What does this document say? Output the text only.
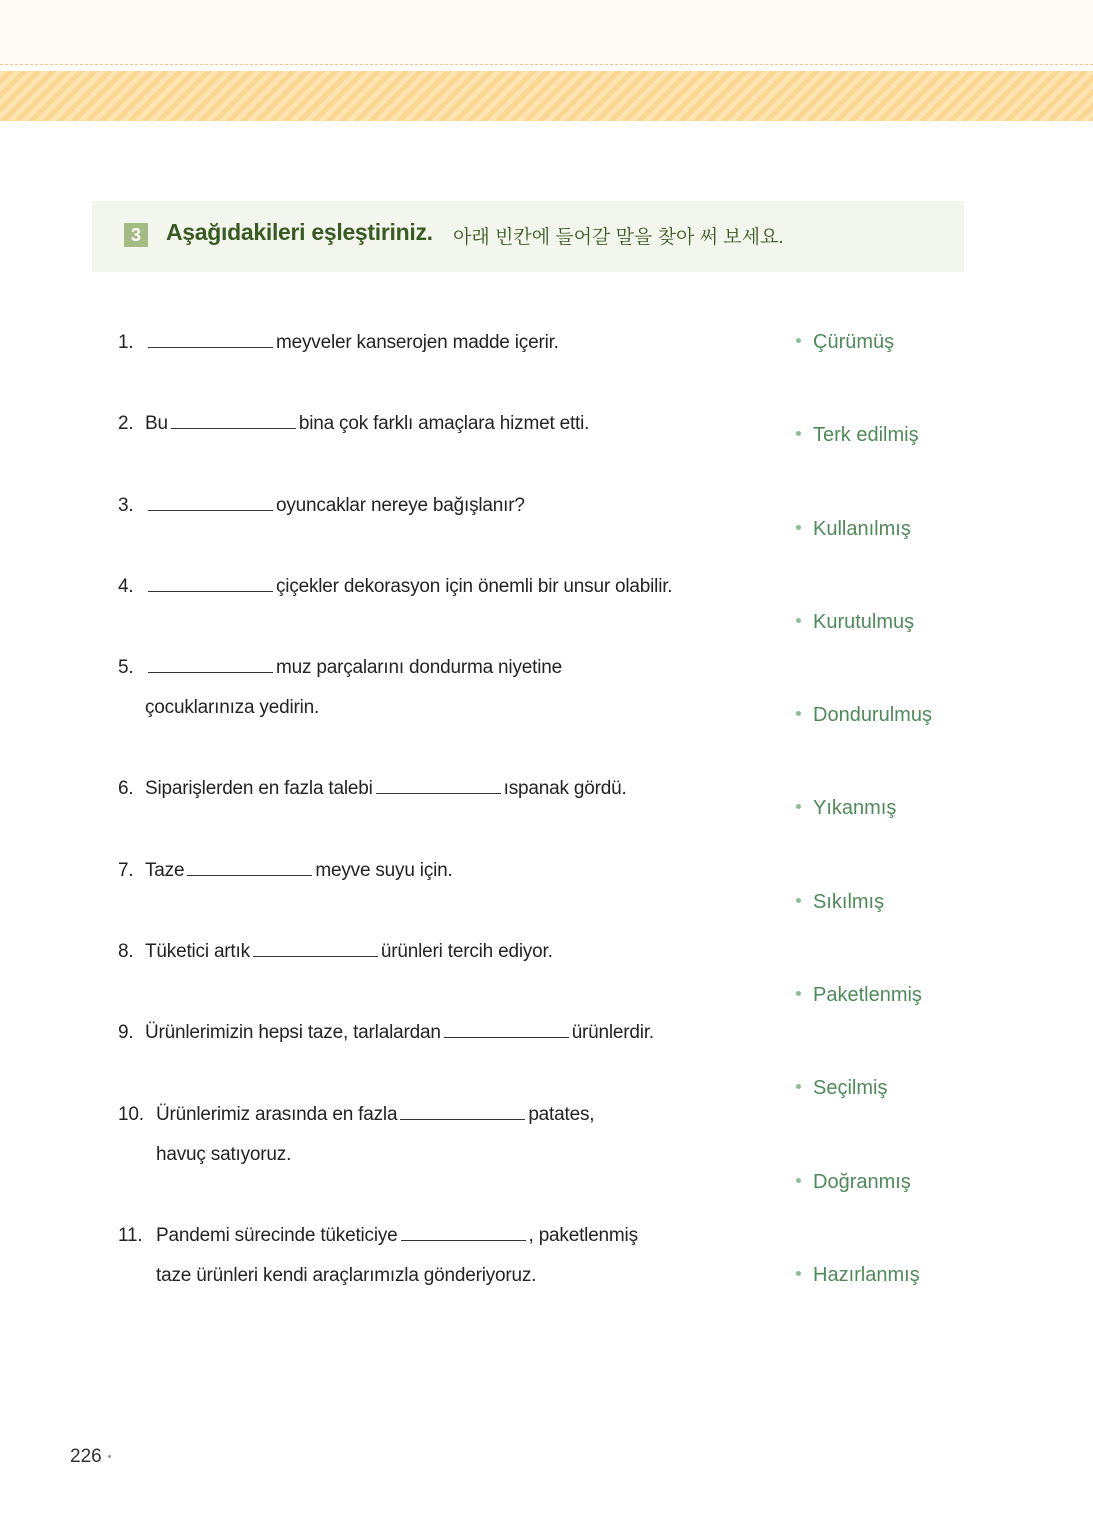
3	Aşağıdakileri eşleştiriniz. 아래 빈칸에 들어갈 말을 찾아 써 보세요.
1.	meyveler kanserojen madde içerir.
2. Bu	bina çok farklı amaçlara hizmet etti.
3.	oyuncaklar nereye bağışlanır?
4.	çiçekler dekorasyon için önemli bir unsur olabilir.
5.	muz parçalarını dondurma niyetine
çocuklarınıza yedirin.
6. Siparişlerden en fazla talebi	ıspanak gördü.
7. Taze	meyve suyu için.
8. Tüketici artık	ürünleri tercih ediyor.
9. Ürünlerimizin hepsi taze, tarlalardan	ürünlerdir.
10. Ürünlerimiz arasında en fazla	patates,
havuç satıyoruz.
11. Pandemi sürecinde tüketiciye	, paketlenmiş
taze ürünleri kendi araçlarımızla gönderiyoruz.
Çürümüş
Terk edilmiş
Kullanılmış
Kurutulmuş
Dondurulmuş
Yıkanmış
Sıkılmış
Paketlenmiş
Seçilmiş
Doğranmış
Hazırlanmış
226
